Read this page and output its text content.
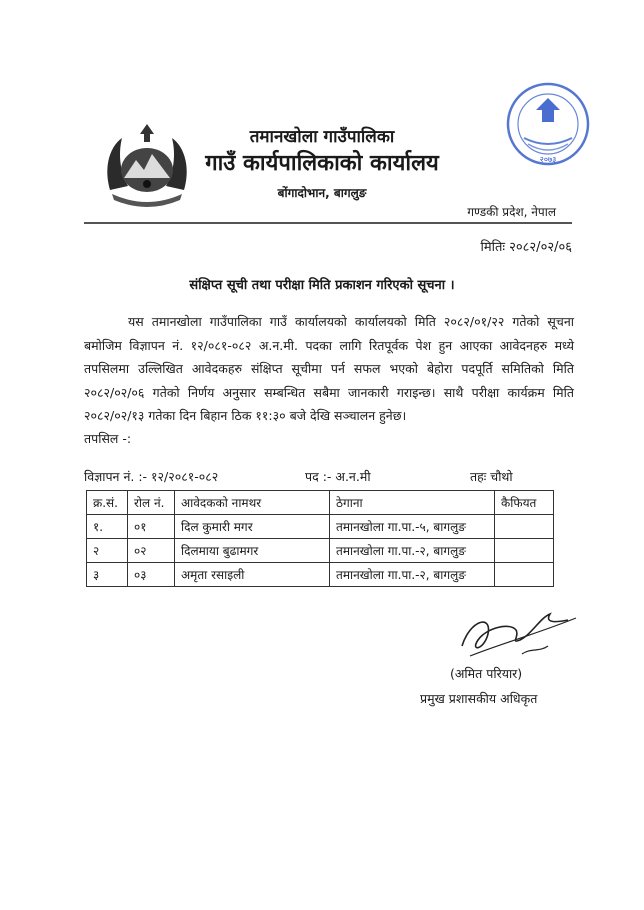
२०७३
तमानखोला गाउँपालिका
गाउँ कार्यपालिकाको कार्यालय
बोंगादोभान, बागलुङ
गण्डकी प्रदेश, नेपाल
मितिः २०८२/०२/०६
संक्षिप्त सूची तथा परीक्षा मिति प्रकाशन गरिएको सूचना ।
यस तमानखोला गाउँपालिका गाउँ कार्यालयको कार्यालयको मिति २०८२/०१/२२ गतेको सूचना बमोजिम विज्ञापन नं. १२/०८१-०८२ अ.न.मी. पदका लागि रितपूर्वक पेश हुन आएका आवेदनहरु मध्ये तपसिलमा उल्लिखित आवेदकहरु संक्षिप्त सूचीमा पर्न सफल भएको बेहोरा पदपूर्ति समितिको मिति २०८२/०२/०६ गतेको निर्णय अनुसार सम्बन्धित सबैमा जानकारी गराइन्छ। साथै परीक्षा कार्यक्रम मिति २०८२/०२/१३ गतेका दिन बिहान ठिक ११:३० बजे देखि सञ्चालन हुनेछ।
तपसिल -:
विज्ञापन नं. :- १२/२०८१-०८२	पद :- अ.न.मी	तहः चौथो
क्र.सं.	रोल नं.	आवेदकको नामथर	ठेगाना	कैफियत
१.	०१	दिल कुमारी मगर	तमानखोला गा.पा.-५, बागलुङ	
२	०२	दिलमाया बुढामगर	तमानखोला गा.पा.-२, बागलुङ	
३	०३	अमृता रसाइली	तमानखोला गा.पा.-२, बागलुङ	
(अमित परियार)
प्रमुख प्रशासकीय अधिकृत
